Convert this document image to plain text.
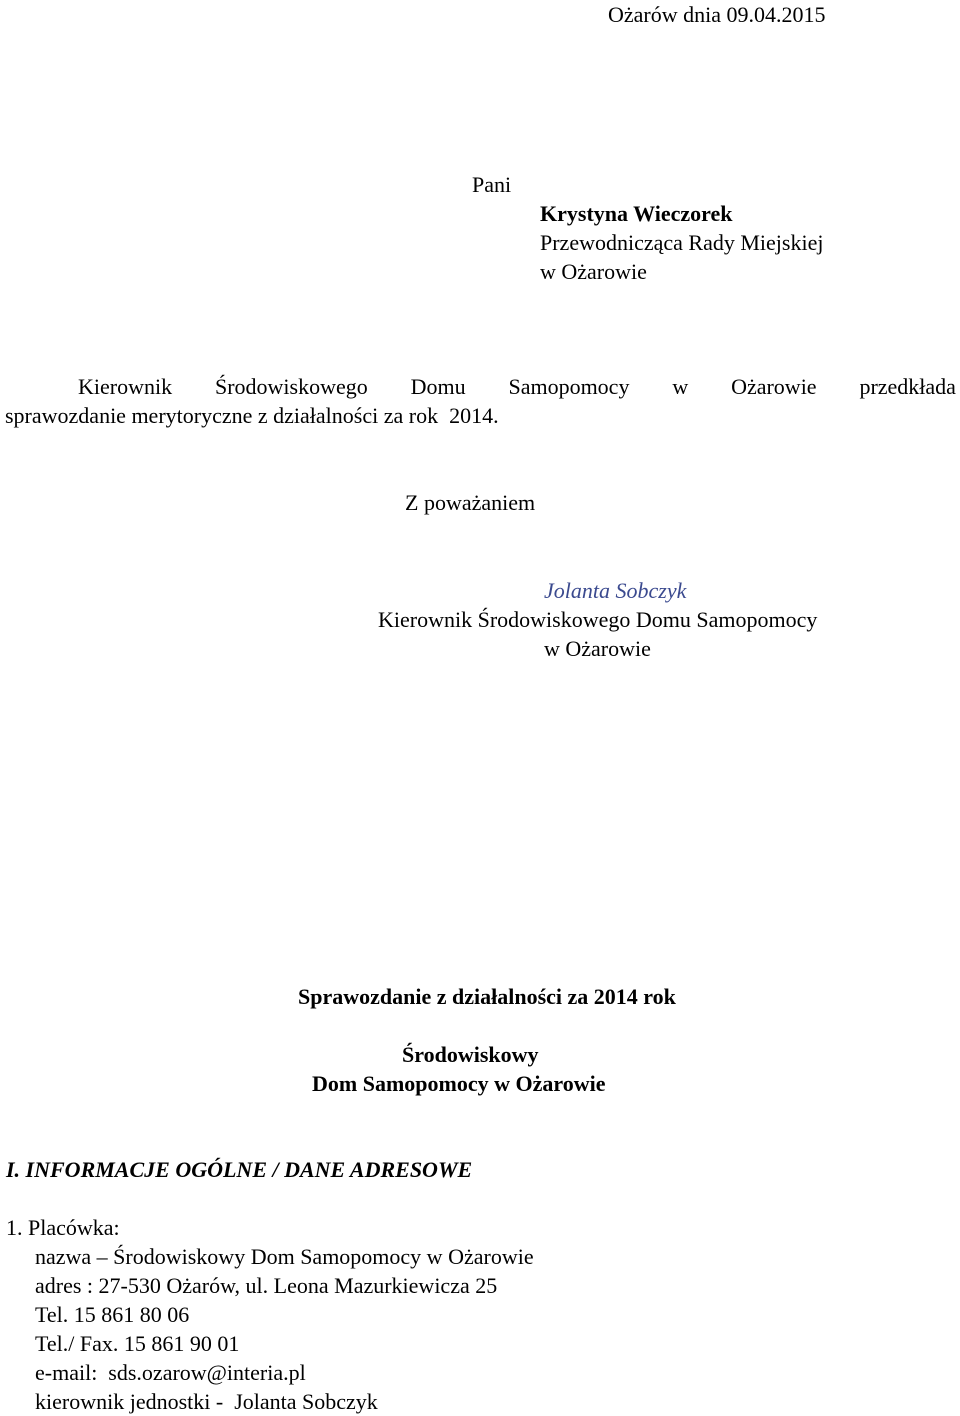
Ożarów dnia 09.04.2015
Pani
Krystyna Wieczorek
Przewodnicząca Rady Miejskiej
w Ożarowie
Kierownik Środowiskowego Domu Samopomocy w Ożarowie przedkłada
sprawozdanie merytoryczne z działalności za rok  2014.
Z poważaniem
Jolanta Sobczyk
Kierownik Środowiskowego Domu Samopomocy
w Ożarowie
Sprawozdanie z działalności za 2014 rok
Środowiskowy
Dom Samopomocy w Ożarowie
I. INFORMACJE OGÓLNE / DANE ADRESOWE
1. Placówka:
nazwa – Środowiskowy Dom Samopomocy w Ożarowie
adres : 27-530 Ożarów, ul. Leona Mazurkiewicza 25
Tel. 15 861 80 06
Tel./ Fax. 15 861 90 01
e-mail:  sds.ozarow@interia.pl
kierownik jednostki -  Jolanta Sobczyk
